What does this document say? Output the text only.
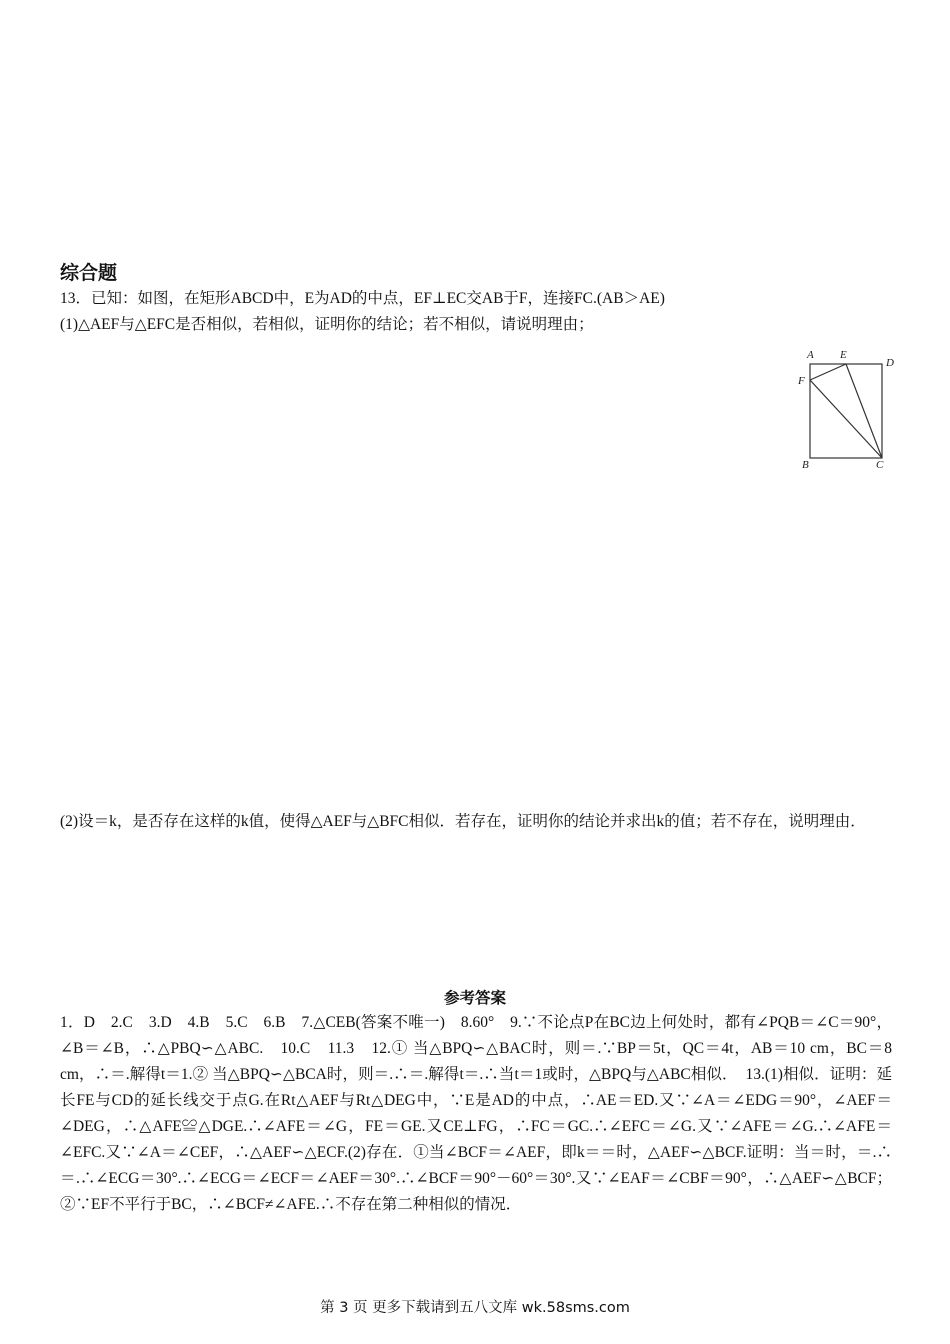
综合题
13．已知：如图，在矩形ABCD中，E为AD的中点，EF⊥EC交AB于F，连接FC.(AB＞AE)
(1)△AEF与△EFC是否相似，若相似，证明你的结论；若不相似，请说明理由；
A E
D
F
B	C
(2)设＝k，是否存在这样的k值，使得△AEF与△BFC相似．若存在，证明你的结论并求出k的值；若不存在，说明理由．
参考答案
1．D　2.C　3.D　4.B　5.C　6.B　7.△CEB(答案不唯一)　8.60°　9.∵不论点P在BC边上何处时，都有∠PQB＝∠C＝90°，∠B＝∠B，∴△PBQ∽△ABC.　10.C　11.3　12.① 当△BPQ∽△BAC时，则＝.∵BP＝5t，QC＝4t，AB＝10 cm，BC＝8 cm，∴＝.解得t＝1.② 当△BPQ∽△BCA时，则＝.∴＝.解得t＝.∴当t＝1或时，△BPQ与△ABC相似．　13.(1)相似．证明：延长FE与CD的延长线交于点G.在Rt△AEF与Rt△DEG中，∵E是AD的中点，∴AE＝ED.又∵∠A＝∠EDG＝90°，∠AEF＝∠DEG，∴△AFE≌△DGE.∴∠AFE＝∠G，FE＝GE.又CE⊥FG，∴FC＝GC.∴∠EFC＝∠G.又∵∠AFE＝∠G.∴∠AFE＝∠EFC.又∵∠A＝∠CEF，∴△AEF∽△ECF.(2)存在．①当∠BCF＝∠AEF，即k＝＝时，△AEF∽△BCF.证明：当＝时，＝.∴＝.∴∠ECG＝30°.∴∠ECG＝∠ECF＝∠AEF＝30°.∴∠BCF＝90°－60°＝30°.又∵∠EAF＝∠CBF＝90°，∴△AEF∽△BCF；②∵EF不平行于BC，∴∠BCF≠∠AFE.∴不存在第二种相似的情况．
第 3 页 更多下载请到五八文库 wk.58sms.com
